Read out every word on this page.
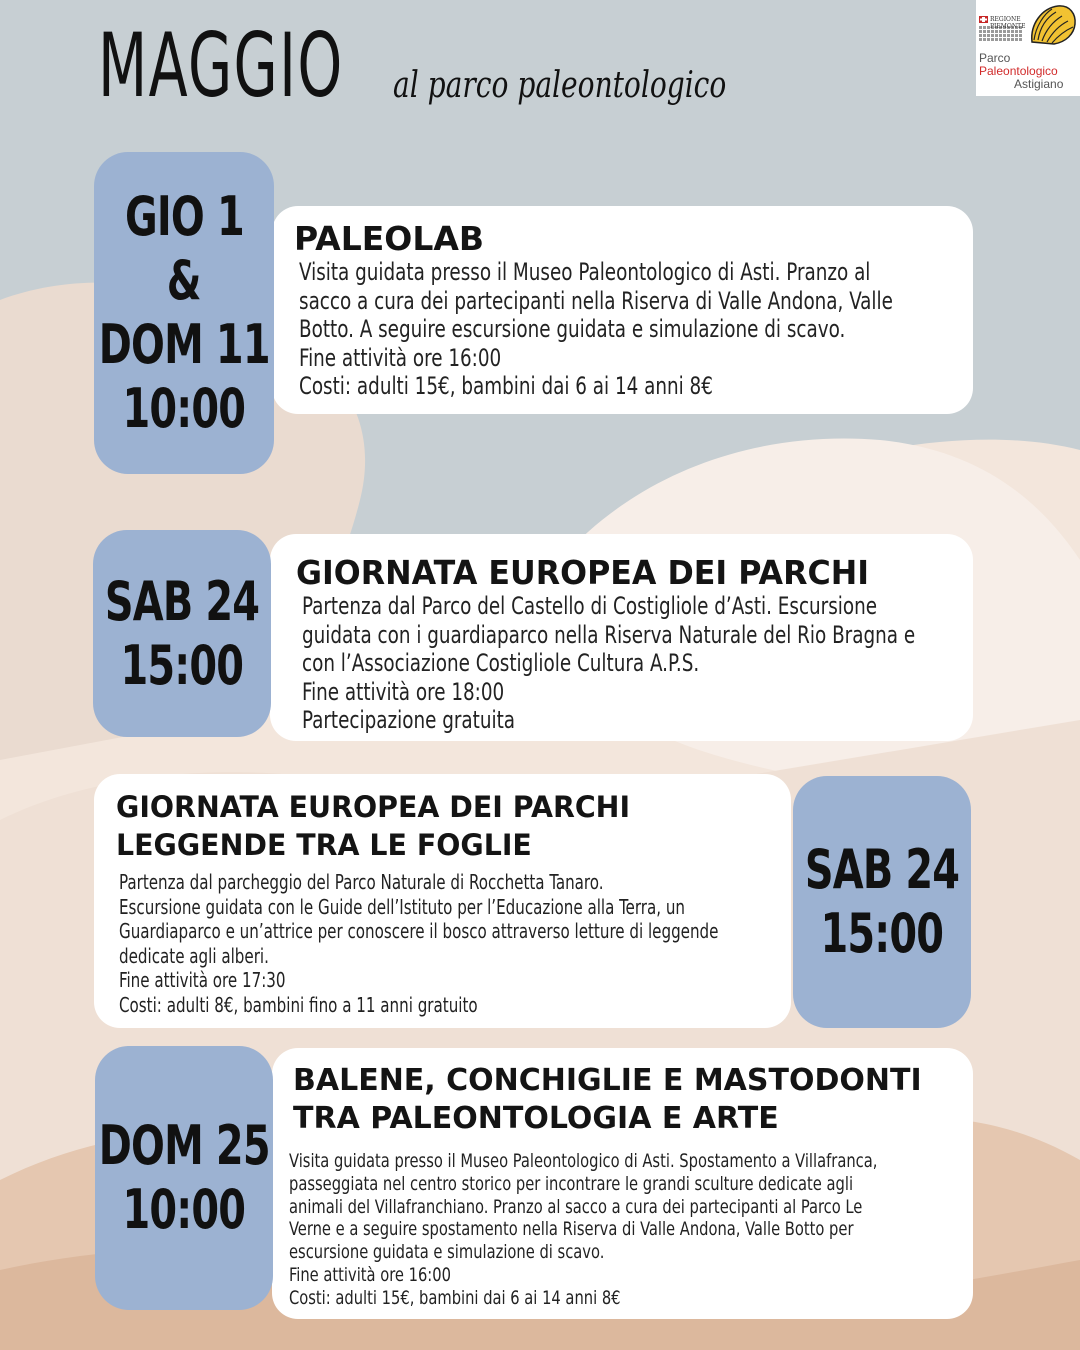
MAGGIO al parco paleontologico
REGIONE
PIEMONTE
Parco
Paleontologico
Astigiano
PALEOLAB
Visita guidata presso il Museo Paleontologico di Asti. Pranzo al
sacco a cura dei partecipanti nella Riserva di Valle Andona, Valle
Botto. A seguire escursione guidata e simulazione di scavo.
Fine attività ore 16:00
Costi: adulti 15€, bambini dai 6 ai 14 anni 8€
GIO 1
&
DOM 11
10:00
GIORNATA EUROPEA DEI PARCHI
Partenza dal Parco del Castello di Costigliole d’Asti. Escursione
guidata con i guardiaparco nella Riserva Naturale del Rio Bragna e
con l’Associazione Costigliole Cultura A.P.S.
Fine attività ore 18:00
Partecipazione gratuita
SAB 24
15:00
GIORNATA EUROPEA DEI PARCHI
LEGGENDE TRA LE FOGLIE
Partenza dal parcheggio del Parco Naturale di Rocchetta Tanaro.
Escursione guidata con le Guide dell’Istituto per l’Educazione alla Terra, un
Guardiaparco e un’attrice per conoscere il bosco attraverso letture di leggende
dedicate agli alberi.
Fine attività ore 17:30
Costi: adulti 8€, bambini fino a 11 anni gratuito
SAB 24
15:00
BALENE, CONCHIGLIE E MASTODONTI
TRA PALEONTOLOGIA E ARTE
Visita guidata presso il Museo Paleontologico di Asti. Spostamento a Villafranca,
passeggiata nel centro storico per incontrare le grandi sculture dedicate agli
animali del Villafranchiano. Pranzo al sacco a cura dei partecipanti al Parco Le
Verne e a seguire spostamento nella Riserva di Valle Andona, Valle Botto per
escursione guidata e simulazione di scavo.
Fine attività ore 16:00
Costi: adulti 15€, bambini dai 6 ai 14 anni 8€
DOM 25
10:00
